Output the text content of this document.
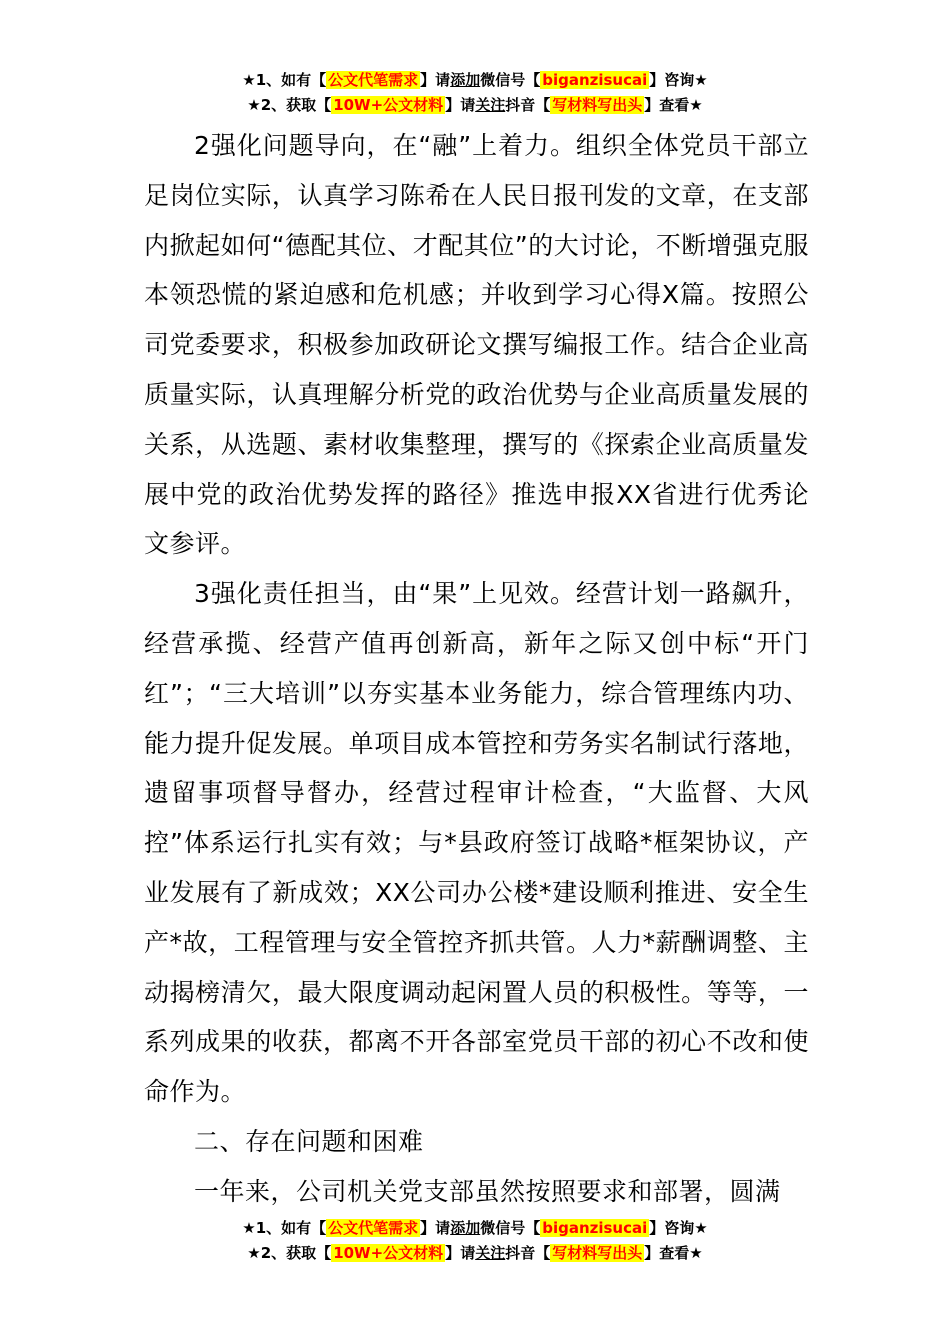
★1、如有【 公文代笔需求 】请添加微信号【 biganzisucai 】咨询★
★2、获取【 10W+公文材料 】请关注抖音【 写材料写出头 】查看★

2强化问题导向，在“融”上着力。组织全体党员干部立足岗位实际，认真学习陈希在人民日报刊发的文章，在支部内掀起如何“德配其位、才配其位”的大讨论，不断增强克服本领恐慌的紧迫感和危机感；并收到学习心得X篇。按照公司党委要求，积极参加政研论文撰写编报工作。结合企业高质量实际，认真理解分析党的政治优势与企业高质量发展的关系，从选题、素材收集整理，撰写的《探索企业高质量发展中党的政治优势发挥的路径》推选申报XX省进行优秀论文参评。

3强化责任担当，由“果”上见效。经营计划一路飙升，经营承揽、经营产值再创新高，新年之际又创中标“开门红”；“三大培训”以夯实基本业务能力，综合管理练内功、能力提升促发展。单项目成本管控和劳务实名制试行落地，遗留事项督导督办，经营过程审计检查，“大监督、大风控”体系运行扎实有效；与*县政府签订战略*框架协议，产业发展有了新成效；XX公司办公楼*建设顺利推进、安全生产*故，工程管理与安全管控齐抓共管。人力*薪酬调整、主动揭榜清欠，最大限度调动起闲置人员的积极性。等等，一系列成果的收获，都离不开各部室党员干部的初心不改和使命作为。

二、存在问题和困难

一年来，公司机关党支部虽然按照要求和部署，圆满

★1、如有【 公文代笔需求 】请添加微信号【 biganzisucai 】咨询★
★2、获取【 10W+公文材料 】请关注抖音【 写材料写出头 】查看★
